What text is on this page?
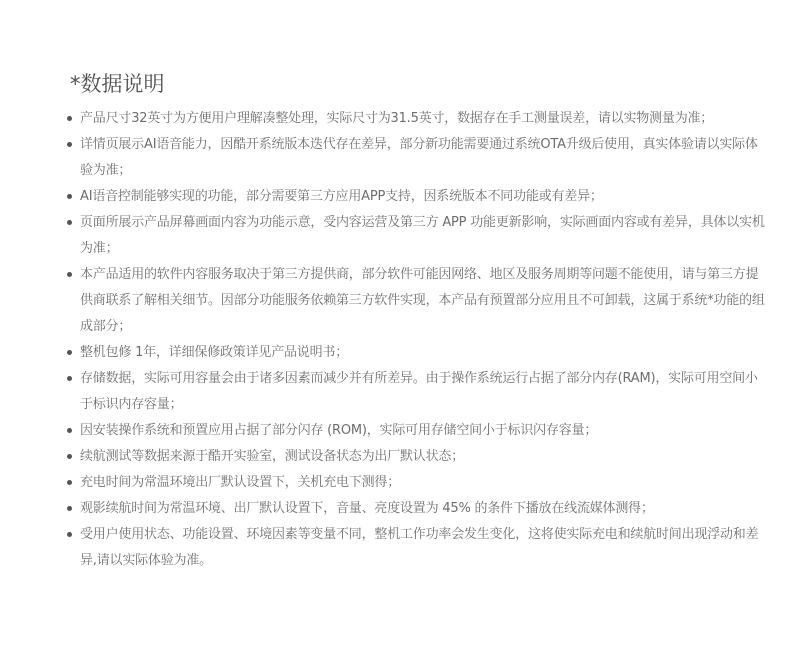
*数据说明
产品尺寸32英寸为方便用户理解凑整处理，实际尺寸为31.5英寸，数据存在手工测量误差，请以实物测量为准；
详情页展示AI语音能力，因酷开系统版本迭代存在差异，部分新功能需要通过系统OTA升级后使用，真实体验请以实际体验为准；
AI语音控制能够实现的功能，部分需要第三方应用APP支持，因系统版本不同功能或有差异；
页面所展示产品屏幕画面内容为功能示意，受内容运营及第三方 APP 功能更新影响，实际画面内容或有差异，具体以实机为准；
本产品适用的软件内容服务取决于第三方提供商，部分软件可能因网络、地区及服务周期等问题不能使用，请与第三方提供商联系了解相关细节。因部分功能服务依赖第三方软件实现，本产品有预置部分应用且不可卸载，这属于系统*功能的组成部分；
整机包修 1年，详细保修政策详见产品说明书；
存储数据，实际可用容量会由于诸多因素而减少并有所差异。由于操作系统运行占据了部分内存(RAM)，实际可用空间小于标识内存容量；
因安装操作系统和预置应用占据了部分闪存 (ROM)，实际可用存储空间小于标识闪存容量；
续航测试等数据来源于酷开实验室，测试设备状态为出厂默认状态；
充电时间为常温环境出厂默认设置下，关机充电下测得；
观影续航时间为常温环境、出厂默认设置下，音量、亮度设置为 45% 的条件下播放在线流媒体测得；
受用户使用状态、功能设置、环境因素等变量不同，整机工作功率会发生变化，这将使实际充电和续航时间出现浮动和差异,请以实际体验为准。
